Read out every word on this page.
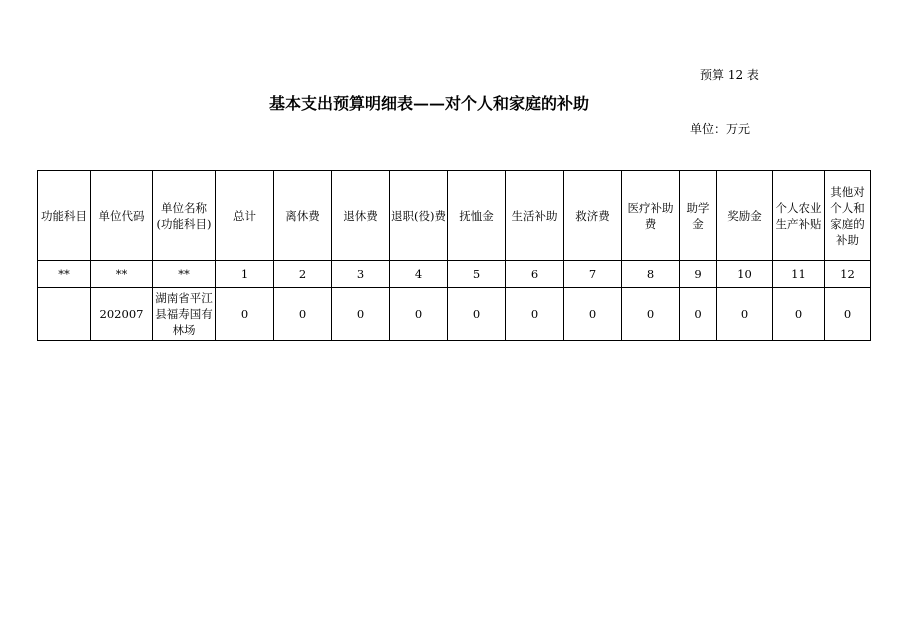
预算 12 表
基本支出预算明细表——对个人和家庭的补助
单位：万元
功能科目	单位代码	单位名称(功能科目)	总计	离休费	退休费	退职(役)费	抚恤金	生活补助	救济费	医疗补助费	助学金	奖励金	个人农业生产补贴	其他对个人和家庭的补助
**	**	**	1	2	3	4	5	6	7	8	9	10	11	12
	202007	湖南省平江县福寿国有林场	0	0	0	0	0	0	0	0	0	0	0	0
